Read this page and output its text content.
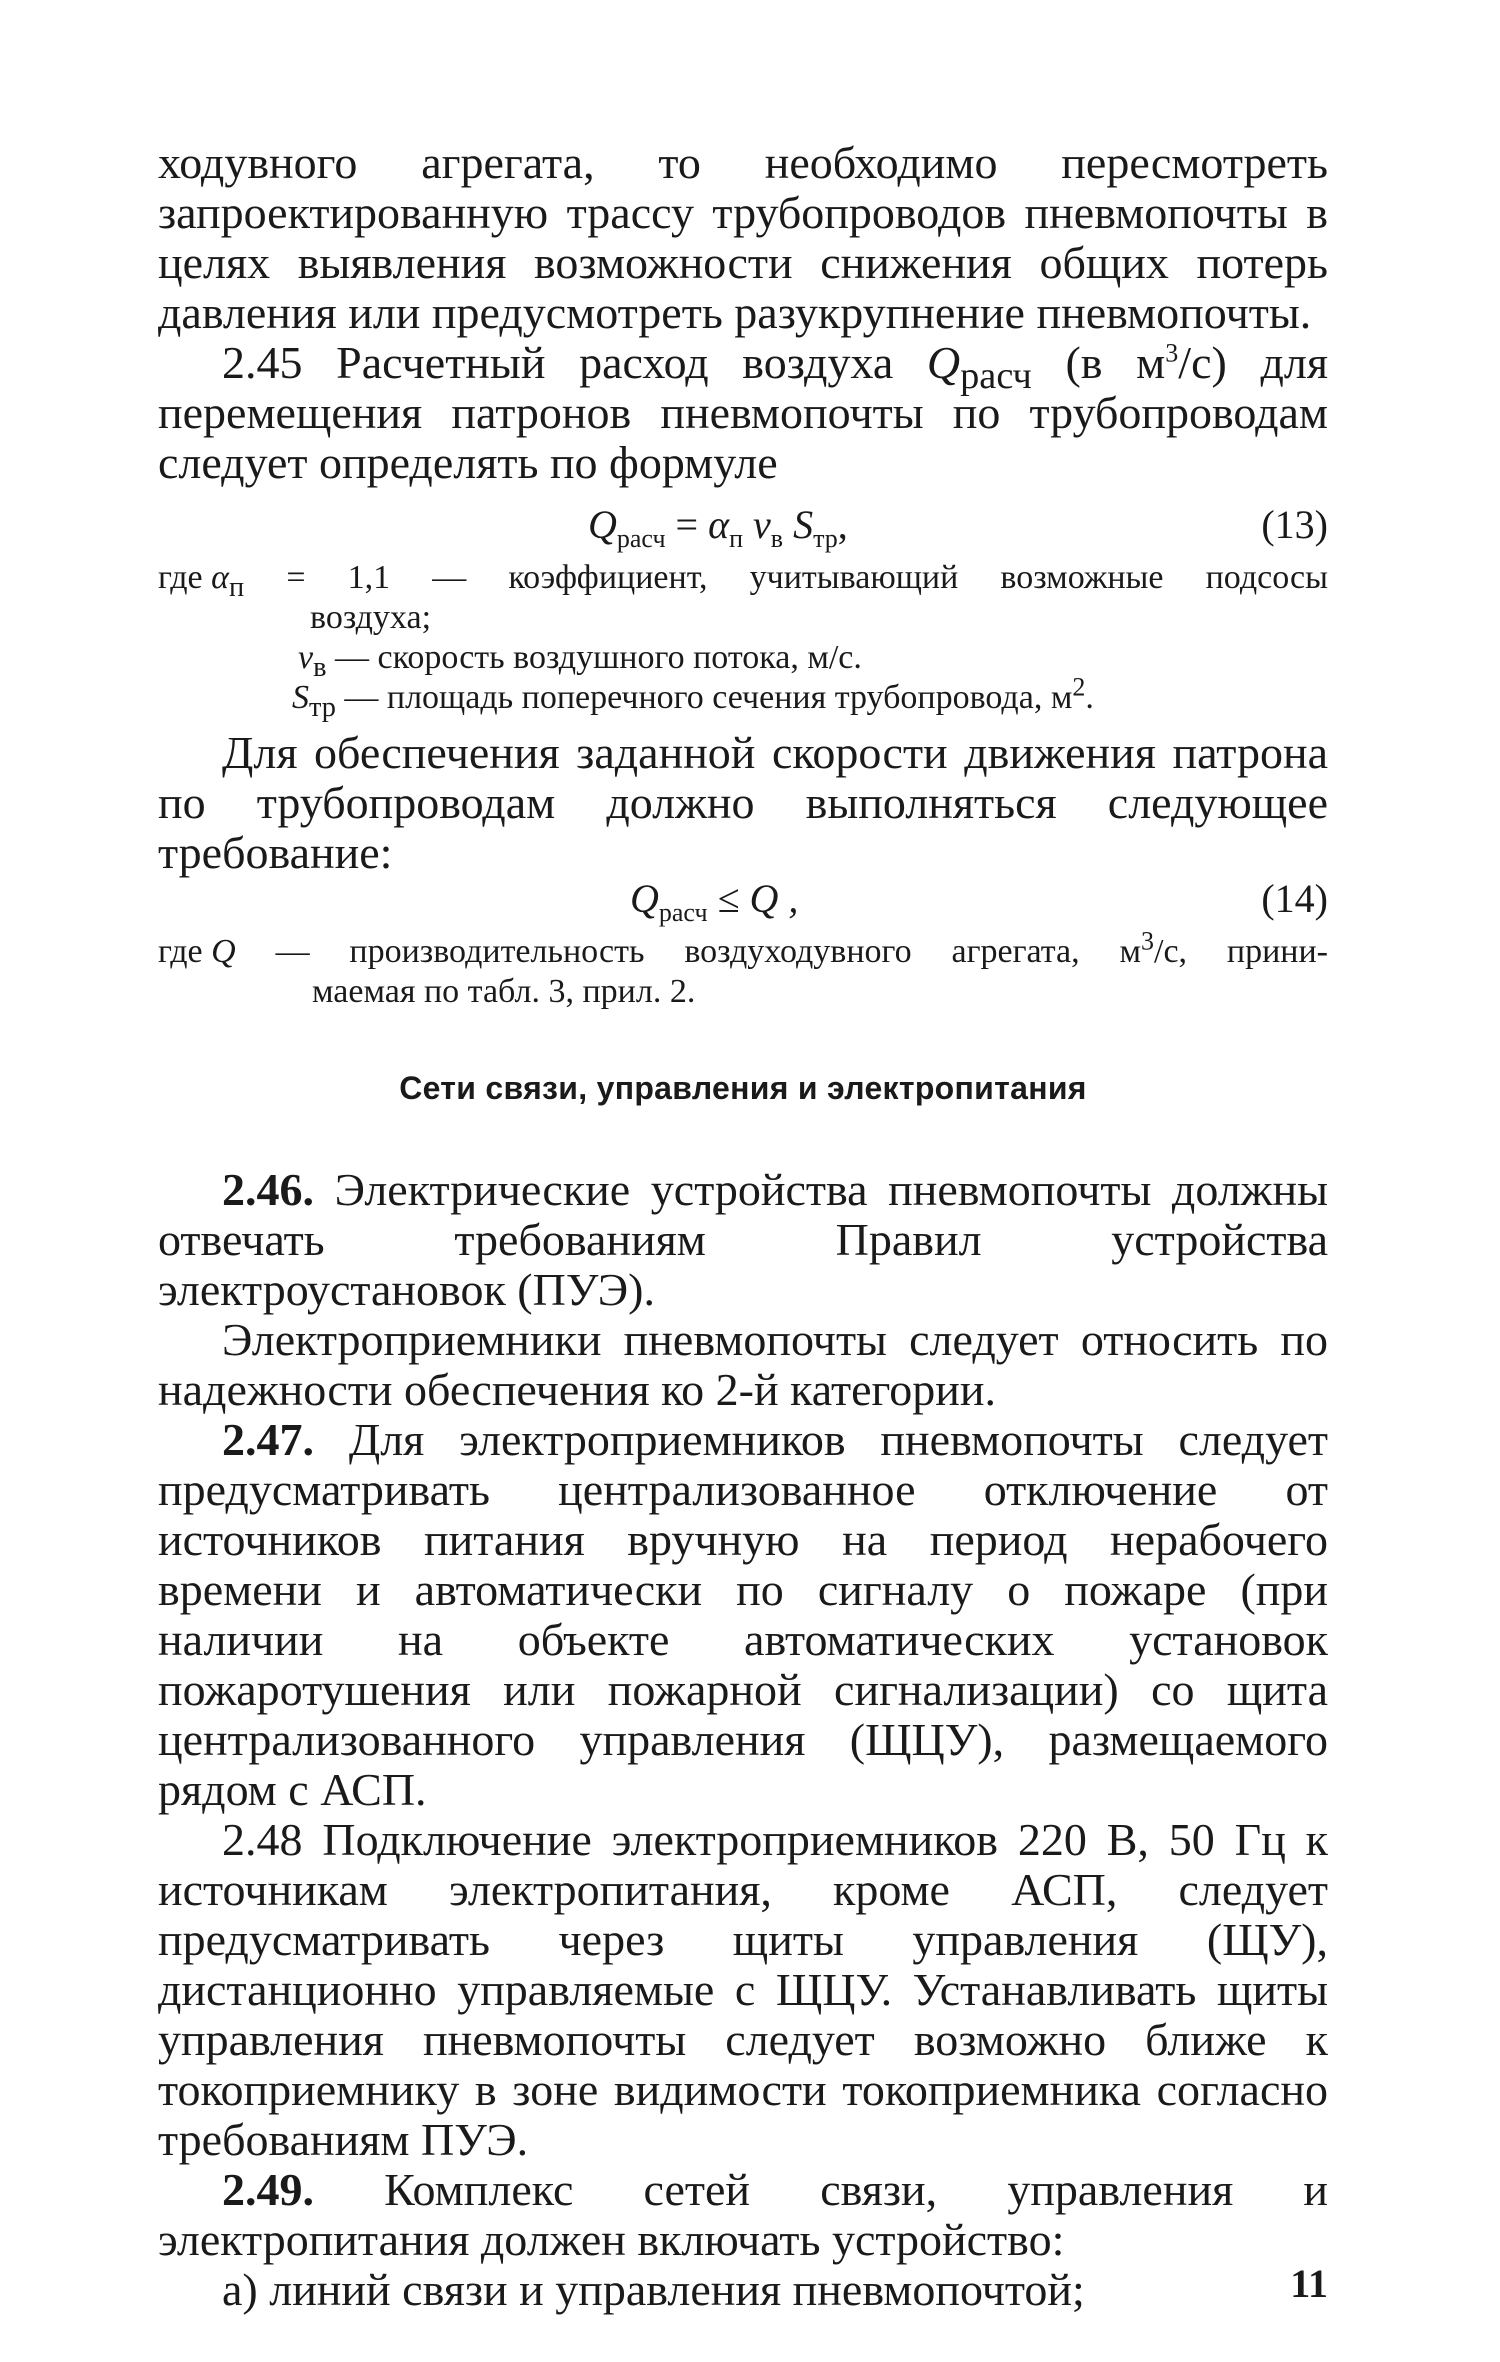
ходувного агрегата, то необходимо пересмотреть запроектированную трассу трубопроводов пневмопочты в целях выявления возможности снижения общих потерь давления или предусмотреть разукрупнение пневмопочты.

2.45 Расчетный расход воздуха $Q_{расч}$ (в $м^3/с$) для перемещения патронов пневмопочты по трубопроводам следует определять по формуле

$Q_{расч} = \alpha_п$ $v_в$ $S_{тр}$,	(13)
где $\alpha_п = 1,1$ — коэффициент, учитывающий возможные подсосы
воздуха;
$v_в$ — скорость воздушного потока, м/с.
$S_{тр}$ — площадь поперечного сечения трубопровода, $м^2$.

Для обеспечения заданной скорости движения патрона по трубопроводам должно выполняться следующее требование:

$Q_{расч} \le Q$ ,	(14)
где Q — производительность воздуходувного агрегата, $м^3/с$, прини-
маемая по табл. 3, прил. 2.
Сети связи, управления и электропитания

2.46. Электрические устройства пневмопочты должны отвечать требованиям Правил устройства электроустановок (ПУЭ).

Электроприемники пневмопочты следует относить по надежности обеспечения ко 2-й категории.

2.47. Для электроприемников пневмопочты следует предусматривать централизованное отключение от источников питания вручную на период нерабочего времени и автоматически по сигналу о пожаре (при наличии на объекте автоматических установок пожаротушения или пожарной сигнализации) со щита централизованного управления (ЩЦУ), размещаемого рядом с АСП.

2.48 Подключение электроприемников 220 В, 50 Гц к источникам электропитания, кроме АСП, следует предусматривать через щиты управления (ЩУ), дистанционно управляемые с ЩЦУ. Устанавливать щиты управления пневмопочты следует возможно ближе к токоприемнику в зоне видимости токоприемника согласно требованиям ПУЭ.

2.49. Комплекс сетей связи, управления и электропитания должен включать устройство:

а) линий связи и управления пневмопочтой;	11
